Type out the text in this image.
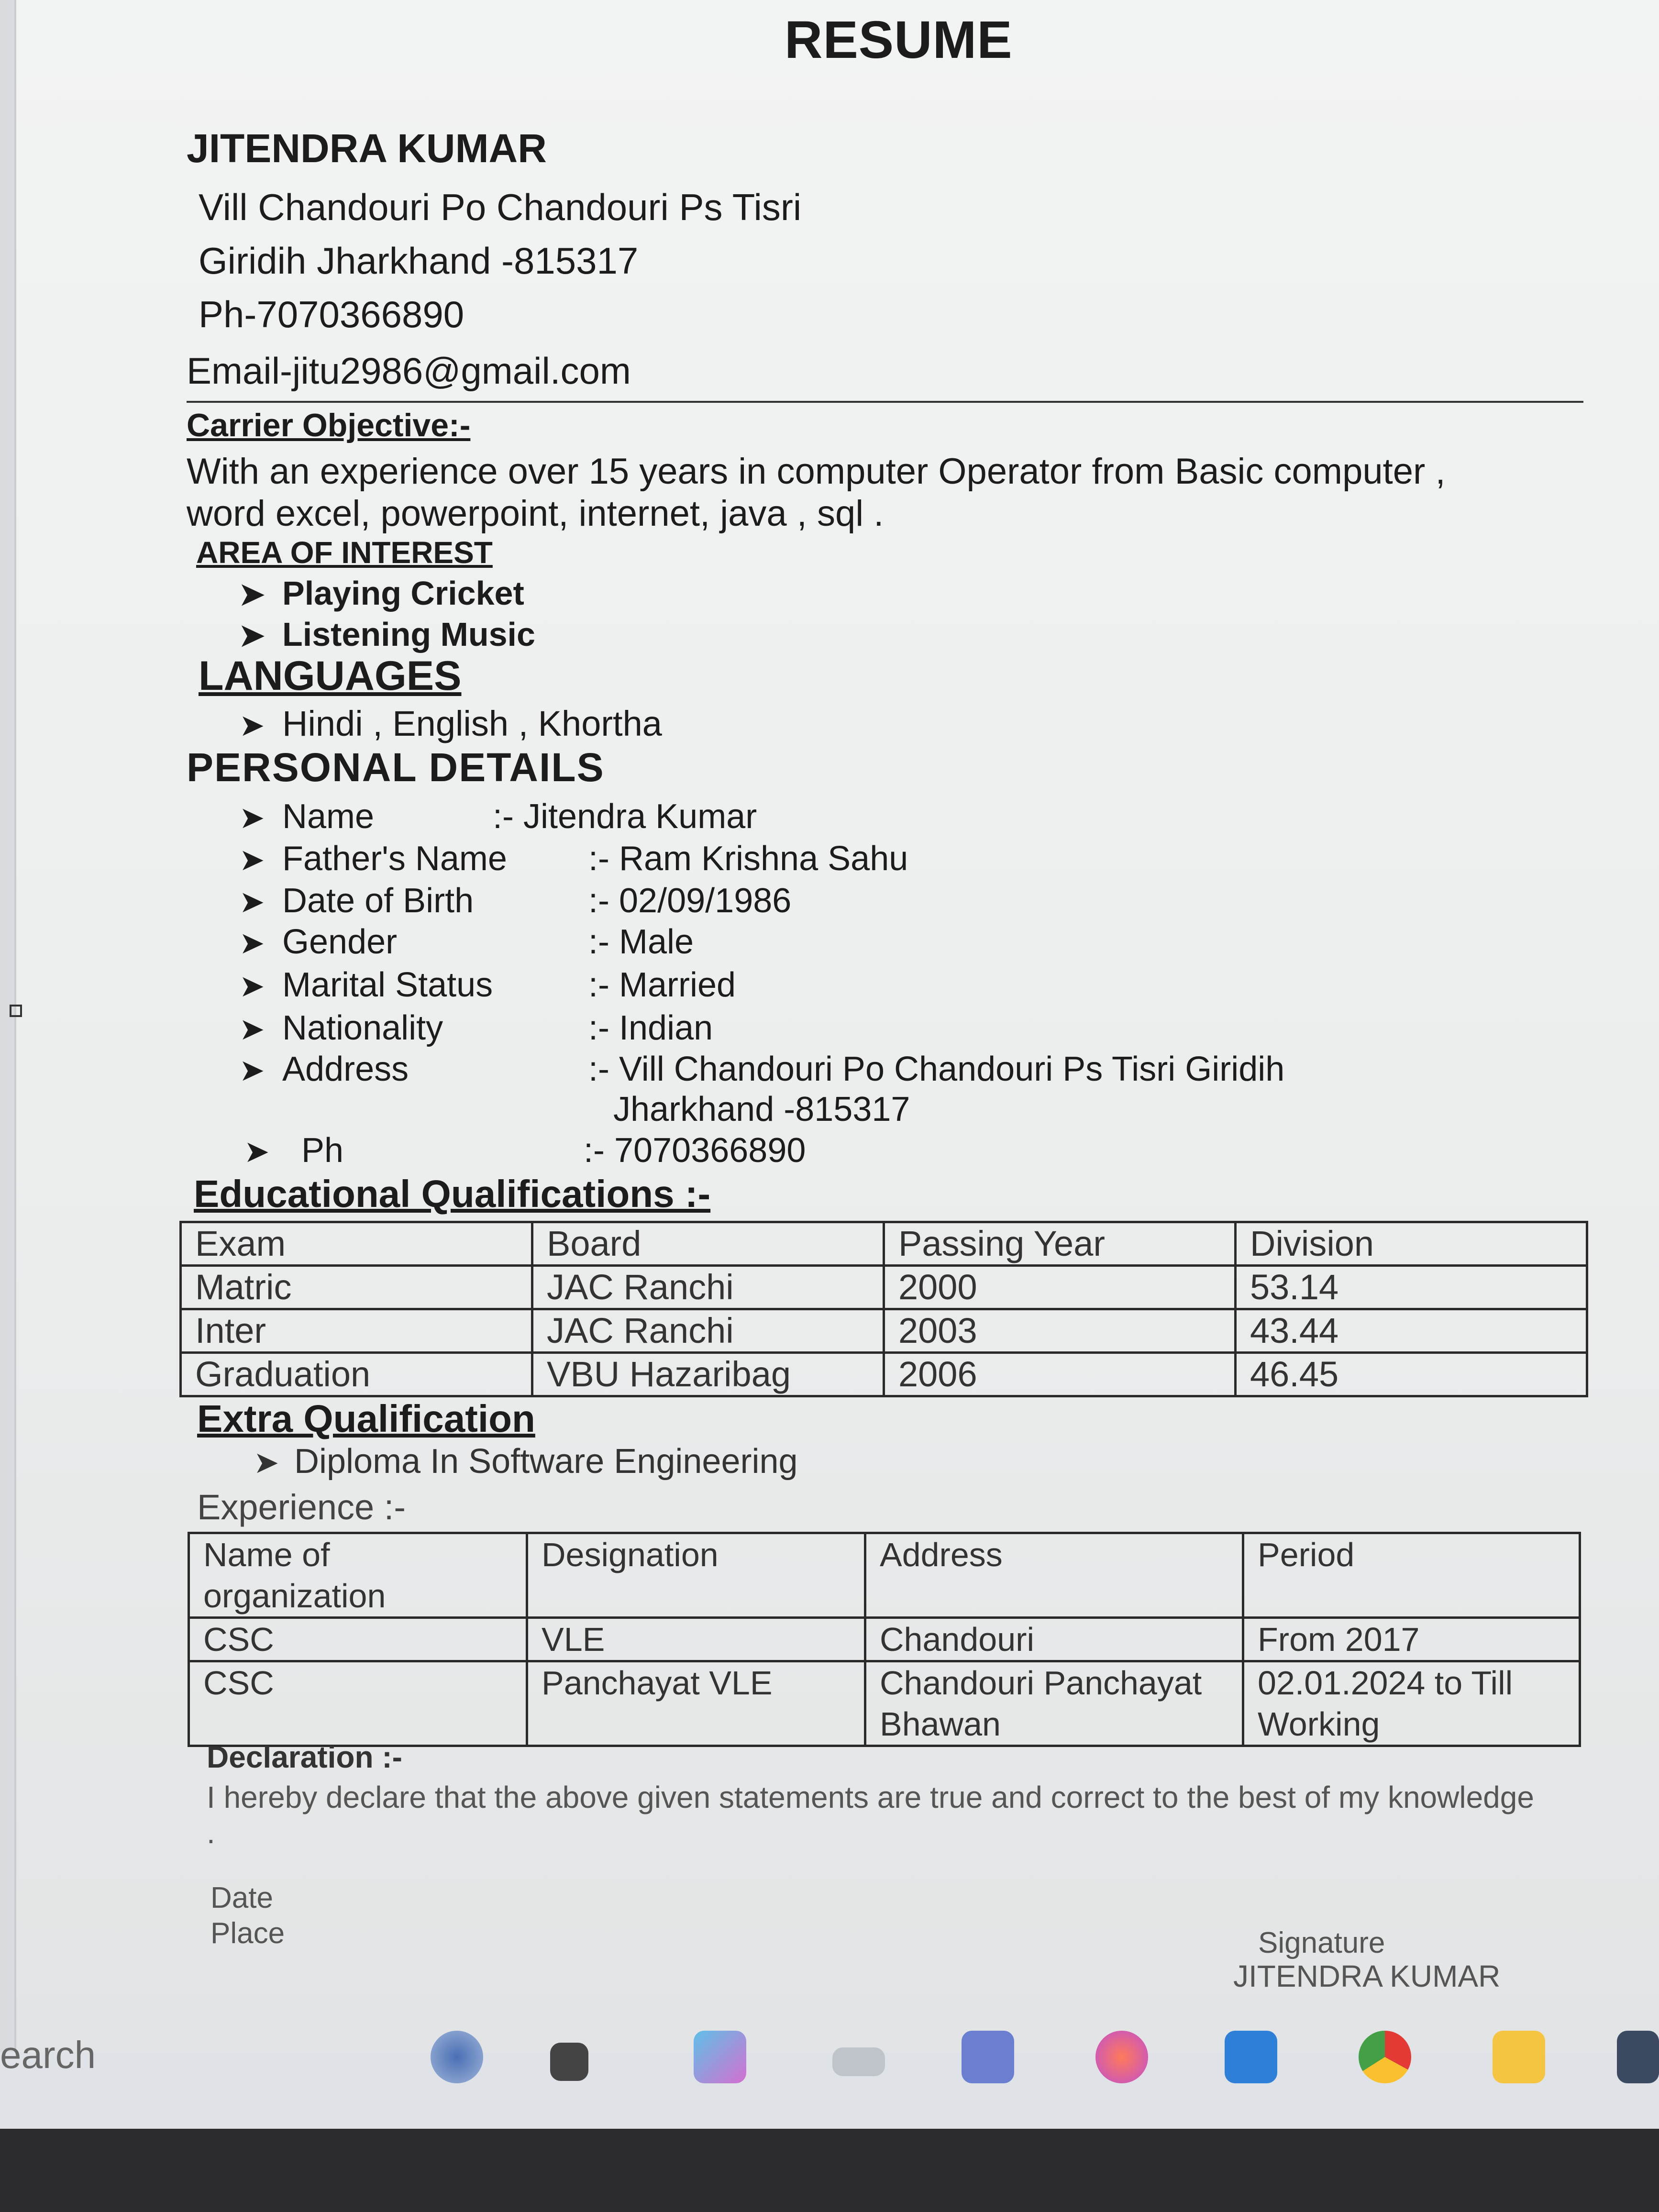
RESUME
JITENDRA KUMAR
Vill Chandouri Po Chandouri Ps Tisri
Giridih Jharkhand -815317
Ph-7070366890
Email-jitu2986@gmail.com
Carrier Objective:-
With an experience over 15 years in computer Operator from Basic computer ,
word excel, powerpoint, internet, java , sql .
AREA OF INTEREST
➤ Playing Cricket
➤ Listening Music
LANGUAGES
➤ Hindi , English , Khortha
PERSONAL DETAILS
➤ Name	:- Jitendra Kumar
➤ Father's Name :- Ram Krishna Sahu
➤ Date of Birth	:- 02/09/1986
➤ Gender	:- Male
➤ Marital Status	:- Married
➤ Nationality	:- Indian
➤ Address	:- Vill Chandouri Po Chandouri Ps Tisri Giridih
Jharkhand -815317
➤ Ph	:- 7070366890
Educational Qualifications :-
Exam	Board	Passing Year	Division
Matric	JAC Ranchi	2000	53.14
Inter	JAC Ranchi	2003	43.44
Graduation	VBU Hazaribag	2006	46.45
Extra Qualification
➤ Diploma In Software Engineering
Experience :-
Name of organization	Designation	Address	Period
CSC	VLE	Chandouri	From 2017
CSC	Panchayat VLE	Chandouri Panchayat Bhawan	02.01.2024 to Till Working
Declaration :-
I hereby declare that the above given statements are true and correct to the best of my knowledge .
Date
Place	Signature
JITENDRA KUMAR
earch
